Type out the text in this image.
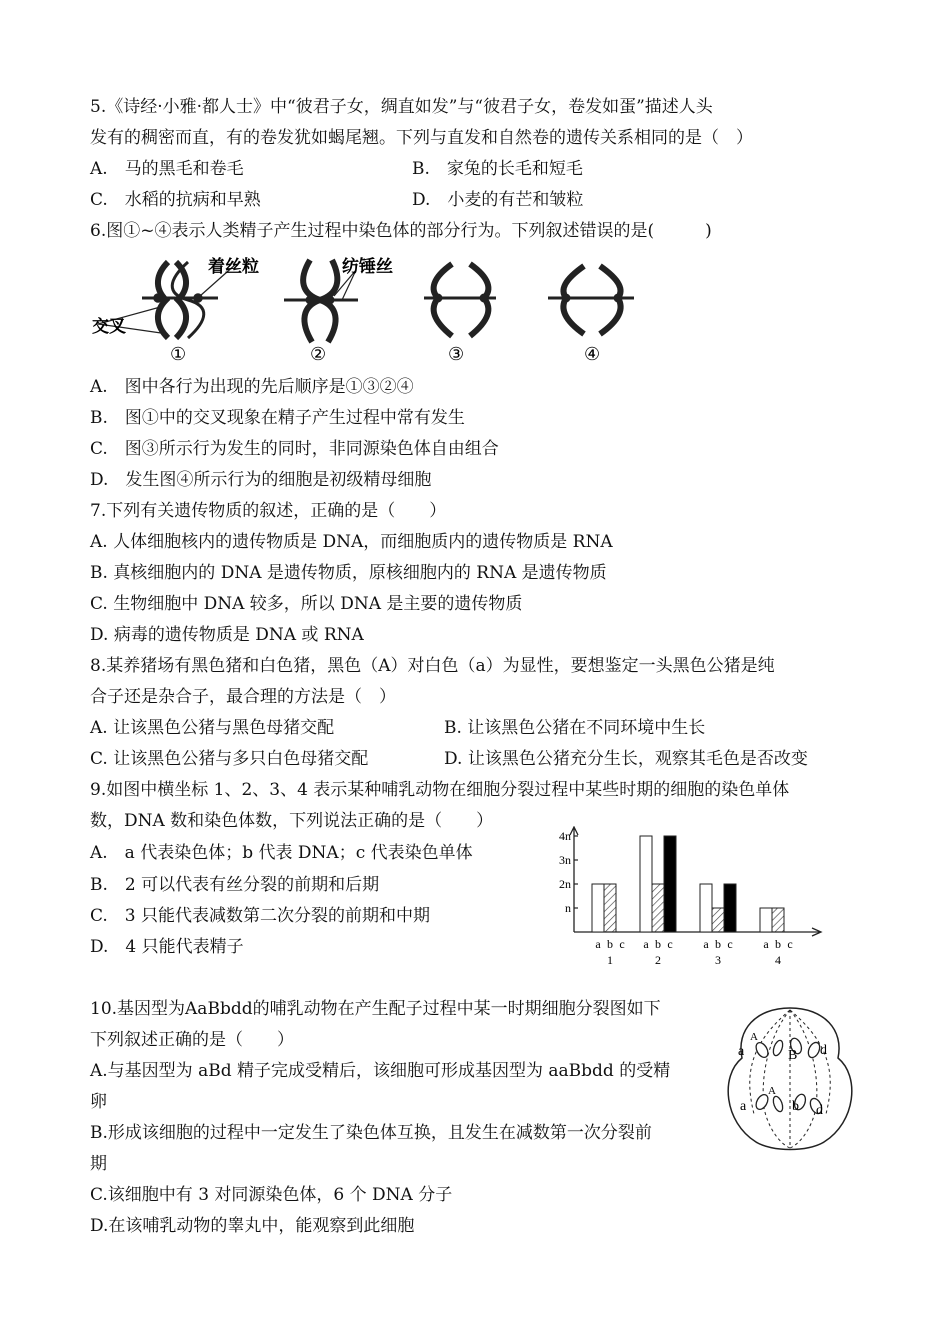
5.《诗经·小雅·都人士》中“彼君子女，绸直如发”与“彼君子女，卷发如蛋”描述人头
发有的稠密而直，有的卷发犹如蝎尾翘。下列与直发和自然卷的遗传关系相同的是（　）
A.　马的黑毛和卷毛	B.　家兔的长毛和短毛
C.　水稻的抗病和早熟	D.　小麦的有芒和皱粒
6.图①~④表示人类精子产生过程中染色体的部分行为。下列叙述错误的是(　　　)
着丝粒
交叉
①
纺锤丝
②	③	④
A.　图中各行为出现的先后顺序是①③②④
B.　图①中的交叉现象在精子产生过程中常有发生
C.　图③所示行为发生的同时，非同源染色体自由组合
D.　发生图④所示行为的细胞是初级精母细胞
7.下列有关遗传物质的叙述，正确的是（　　）
A. 人体细胞核内的遗传物质是 DNA，而细胞质内的遗传物质是 RNA
B. 真核细胞内的 DNA 是遗传物质，原核细胞内的 RNA 是遗传物质
C. 生物细胞中 DNA 较多，所以 DNA 是主要的遗传物质
D. 病毒的遗传物质是 DNA 或 RNA
8.某养猪场有黑色猪和白色猪，黑色（A）对白色（a）为显性，要想鉴定一头黑色公猪是纯
合子还是杂合子，最合理的方法是（　）
A. 让该黑色公猪与黑色母猪交配	B. 让该黑色公猪在不同环境中生长
C. 让该黑色公猪与多只白色母猪交配	D. 让该黑色公猪充分生长，观察其毛色是否改变
9.如图中横坐标 1、2、3、4 表示某种哺乳动物在细胞分裂过程中某些时期的细胞的染色单体
数，DNA 数和染色体数，下列说法正确的是（　　）
A.　a 代表染色体；b 代表 DNA；c 代表染色单体
B.　2 可以代表有丝分裂的前期和后期
C.　3 只能代表减数第二次分裂的前期和中期
D.　4 只能代表精子
n
2n
3n
4n
a b c
1
a b c
2
a b c
3
a b c
4
10.基因型为AaBbdd的哺乳动物在产生配子过程中某一时期细胞分裂图如下
下列叙述正确的是（　　）
A.与基因型为 aBd 精子完成受精后，该细胞可形成基因型为 aaBbdd 的受精
卵
B.形成该细胞的过程中一定发生了染色体互换，且发生在减数第一次分裂前
期
C.该细胞中有 3 对同源染色体，6 个 DNA 分子
D.在该哺乳动物的睾丸中，能观察到此细胞
a
A
B d
a
A
b d
